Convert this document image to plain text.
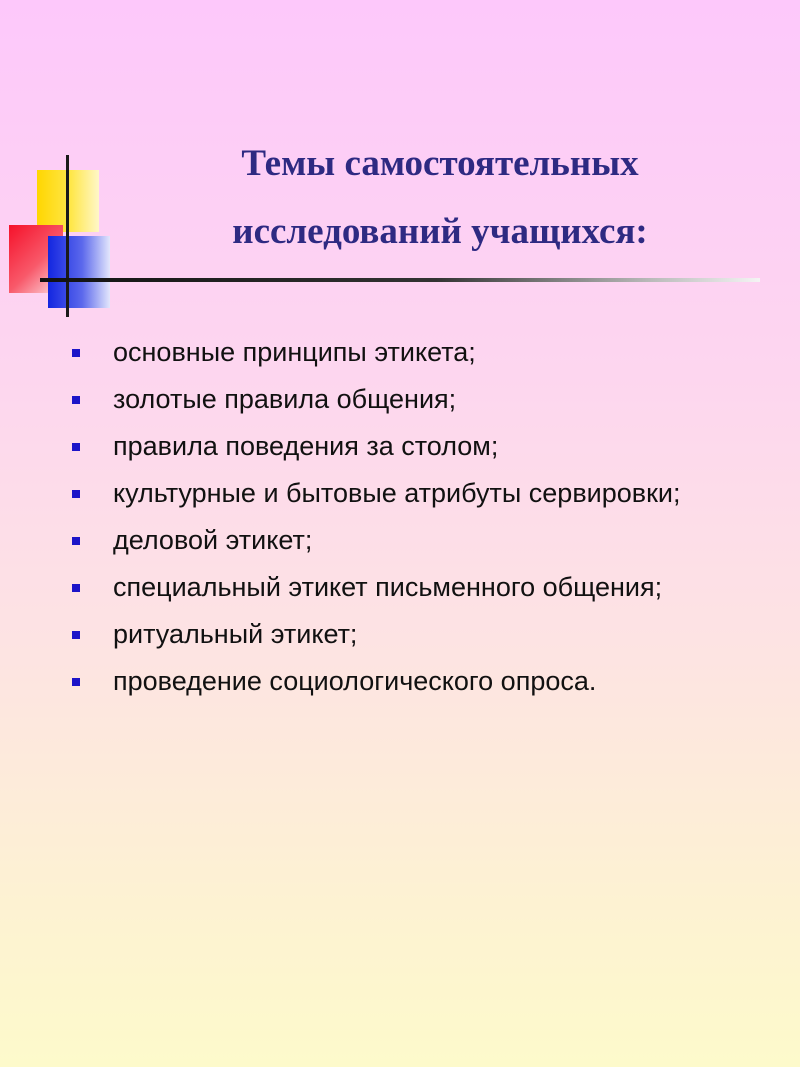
Темы самостоятельных
исследований учащихся:
основные принципы этикета;
золотые правила общения;
правила поведения за столом;
культурные и бытовые атрибуты сервировки;
деловой этикет;
специальный этикет письменного общения;
ритуальный этикет;
проведение социологического опроса.
